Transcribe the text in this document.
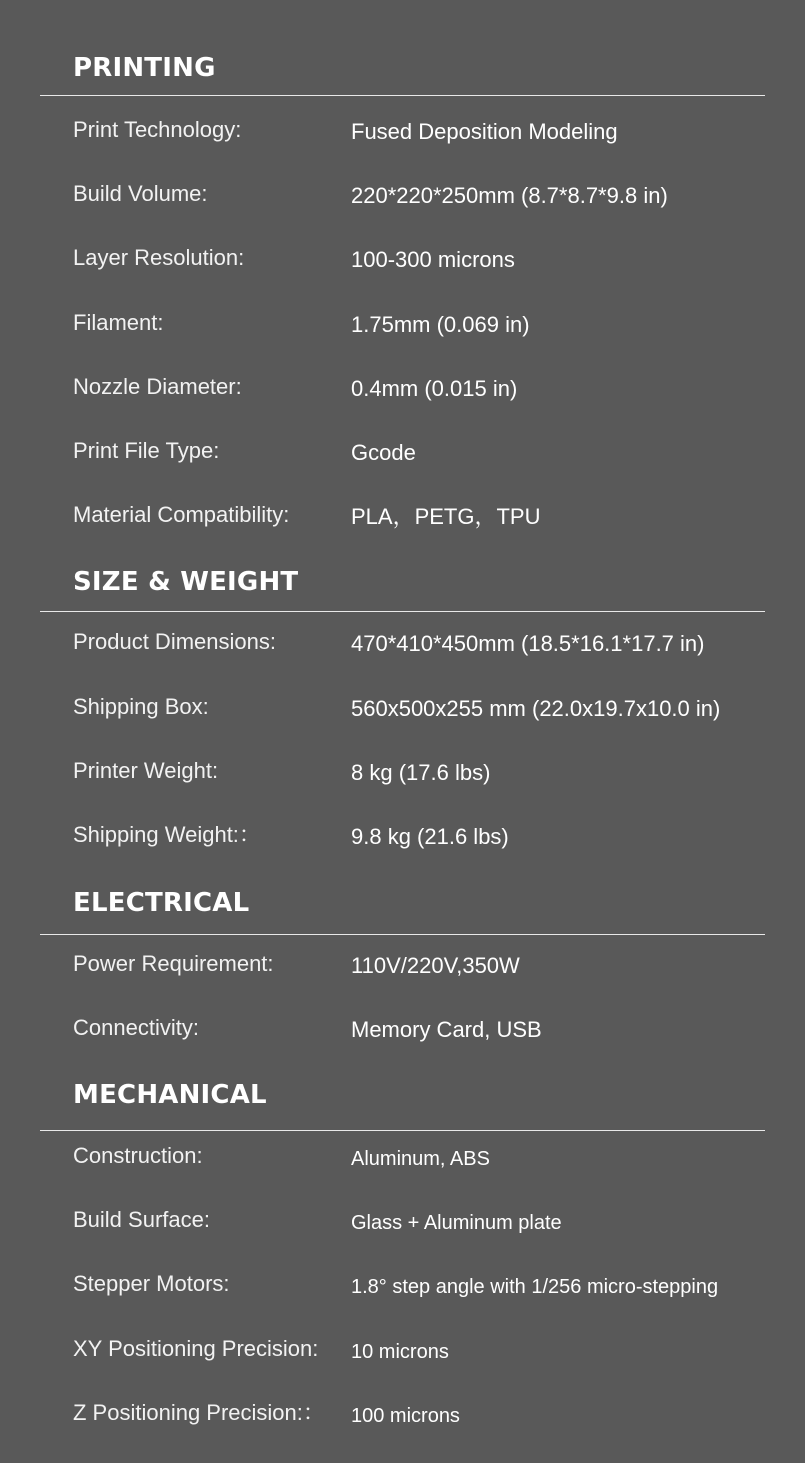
PRINTING
Print Technology:	Fused Deposition Modeling
Build Volume:	220*220*250mm (8.7*8.7*9.8 in)
Layer Resolution:	100-300 microns
Filament:	1.75mm (0.069 in)
Nozzle Diameter:	0.4mm (0.015 in)
Print File Type:	Gcode
Material Compatibility:	PLA，PETG，TPU
SIZE & WEIGHT
Product Dimensions:	470*410*450mm (18.5*16.1*17.7 in)
Shipping Box:	560x500x255 mm (22.0x19.7x10.0 in)
Printer Weight:	8 kg (17.6 lbs)
Shipping Weight:：	9.8 kg (21.6 lbs)
ELECTRICAL
Power Requirement:	110V/220V,350W
Connectivity:	Memory Card, USB
MECHANICAL
Construction:	Aluminum, ABS
Build Surface:	Glass + Aluminum plate
Stepper Motors:	1.8° step angle with 1/256 micro-stepping
XY Positioning Precision: 10 microns
Z Positioning Precision:： 100 microns
